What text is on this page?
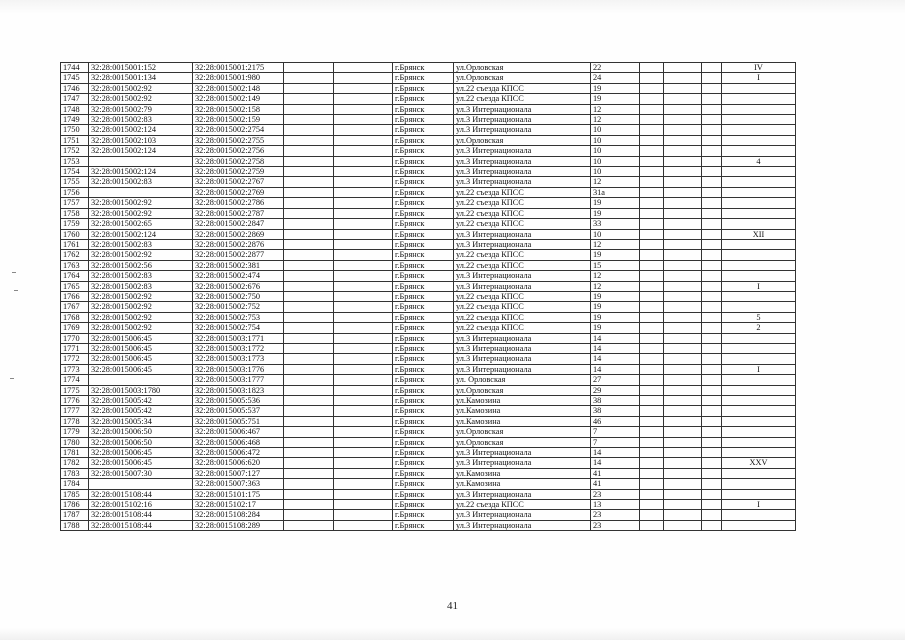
1744	32:28:0015001:152	32:28:0015001:2175			г.Брянск	ул.Орловская	22				IV
1745	32:28:0015001:134	32:28:0015001:980			г.Брянск	ул.Орловская	24				I
1746	32:28:0015002:92	32:28:0015002:148			г.Брянск	ул.22 съезда КПСС	19				
1747	32:28:0015002:92	32:28:0015002:149			г.Брянск	ул.22 съезда КПСС	19				
1748	32:28:0015002:79	32:28:0015002:158			г.Брянск	ул.3 Интернационала	12				
1749	32:28:0015002:83	32:28:0015002:159			г.Брянск	ул.3 Интернационала	12				
1750	32:28:0015002:124	32:28:0015002:2754			г.Брянск	ул.3 Интернационала	10				
1751	32:28:0015002:103	32:28:0015002:2755			г.Брянск	ул.Орловская	10				
1752	32:28:0015002:124	32:28:0015002:2756			г.Брянск	ул.3 Интернационала	10				
1753		32:28:0015002:2758			г.Брянск	ул.3 Интернационала	10				4
1754	32:28:0015002:124	32:28:0015002:2759			г.Брянск	ул.3 Интернационала	10				
1755	32:28:0015002:83	32:28:0015002:2767			г.Брянск	ул.3 Интернационала	12				
1756		32:28:0015002:2769			г.Брянск	ул.22 съезда КПСС	31а				
1757	32:28:0015002:92	32:28:0015002:2786			г.Брянск	ул.22 съезда КПСС	19				
1758	32:28:0015002:92	32:28:0015002:2787			г.Брянск	ул.22 съезда КПСС	19				
1759	32:28:0015002:65	32:28:0015002:2847			г.Брянск	ул.22 съезда КПСС	33				
1760	32:28:0015002:124	32:28:0015002:2869			г.Брянск	ул.3 Интернационала	10				XII
1761	32:28:0015002:83	32:28:0015002:2876			г.Брянск	ул.3 Интернационала	12				
1762	32:28:0015002:92	32:28:0015002:2877			г.Брянск	ул.22 съезда КПСС	19				
1763	32:28:0015002:56	32:28:0015002:381			г.Брянск	ул.22 съезда КПСС	15				
1764	32:28:0015002:83	32:28:0015002:474			г.Брянск	ул.3 Интернационала	12				
1765	32:28:0015002:83	32:28:0015002:676			г.Брянск	ул.3 Интернационала	12				I
1766	32:28:0015002:92	32:28:0015002:750			г.Брянск	ул.22 съезда КПСС	19				
1767	32:28:0015002:92	32:28:0015002:752			г.Брянск	ул.22 съезда КПСС	19				
1768	32:28:0015002:92	32:28:0015002:753			г.Брянск	ул.22 съезда КПСС	19				5
1769	32:28:0015002:92	32:28:0015002:754			г.Брянск	ул.22 съезда КПСС	19				2
1770	32:28:0015006:45	32:28:0015003:1771			г.Брянск	ул.3 Интернационала	14				
1771	32:28:0015006:45	32:28:0015003:1772			г.Брянск	ул.3 Интернационала	14				
1772	32:28:0015006:45	32:28:0015003:1773			г.Брянск	ул.3 Интернационала	14				
1773	32:28:0015006:45	32:28:0015003:1776			г.Брянск	ул.3 Интернационала	14				I
1774		32:28:0015003:1777			г.Брянск	ул. Орловская	27				
1775	32:28:0015003:1780	32:28:0015003:1823			г.Брянск	ул.Орловская	29				
1776	32:28:0015005:42	32:28:0015005:536			г.Брянск	ул.Камозина	38				
1777	32:28:0015005:42	32:28:0015005:537			г.Брянск	ул.Камозина	38				
1778	32:28:0015005:34	32:28:0015005:751			г.Брянск	ул.Камозина	46				
1779	32:28:0015006:50	32:28:0015006:467			г.Брянск	ул.Орловская	7				
1780	32:28:0015006:50	32:28:0015006:468			г.Брянск	ул.Орловская	7				
1781	32:28:0015006:45	32:28:0015006:472			г.Брянск	ул.3 Интернационала	14				
1782	32:28:0015006:45	32:28:0015006:620			г.Брянск	ул.3 Интернационала	14				XXV
1783	32:28:0015007:30	32:28:0015007:127			г.Брянск	ул.Камозина	41				
1784		32:28:0015007:363			г.Брянск	ул.Камозина	41				
1785	32:28:0015108:44	32:28:0015101:175			г.Брянск	ул.3 Интернационала	23				
1786	32:28:0015102:16	32:28:0015102:17			г.Брянск	ул.22 съезда КПСС	13				I
1787	32:28:0015108:44	32:28:0015108:284			г.Брянск	ул.3 Интернационала	23				
1788	32:28:0015108:44	32:28:0015108:289			г.Брянск	ул.3 Интернационала	23				
41
